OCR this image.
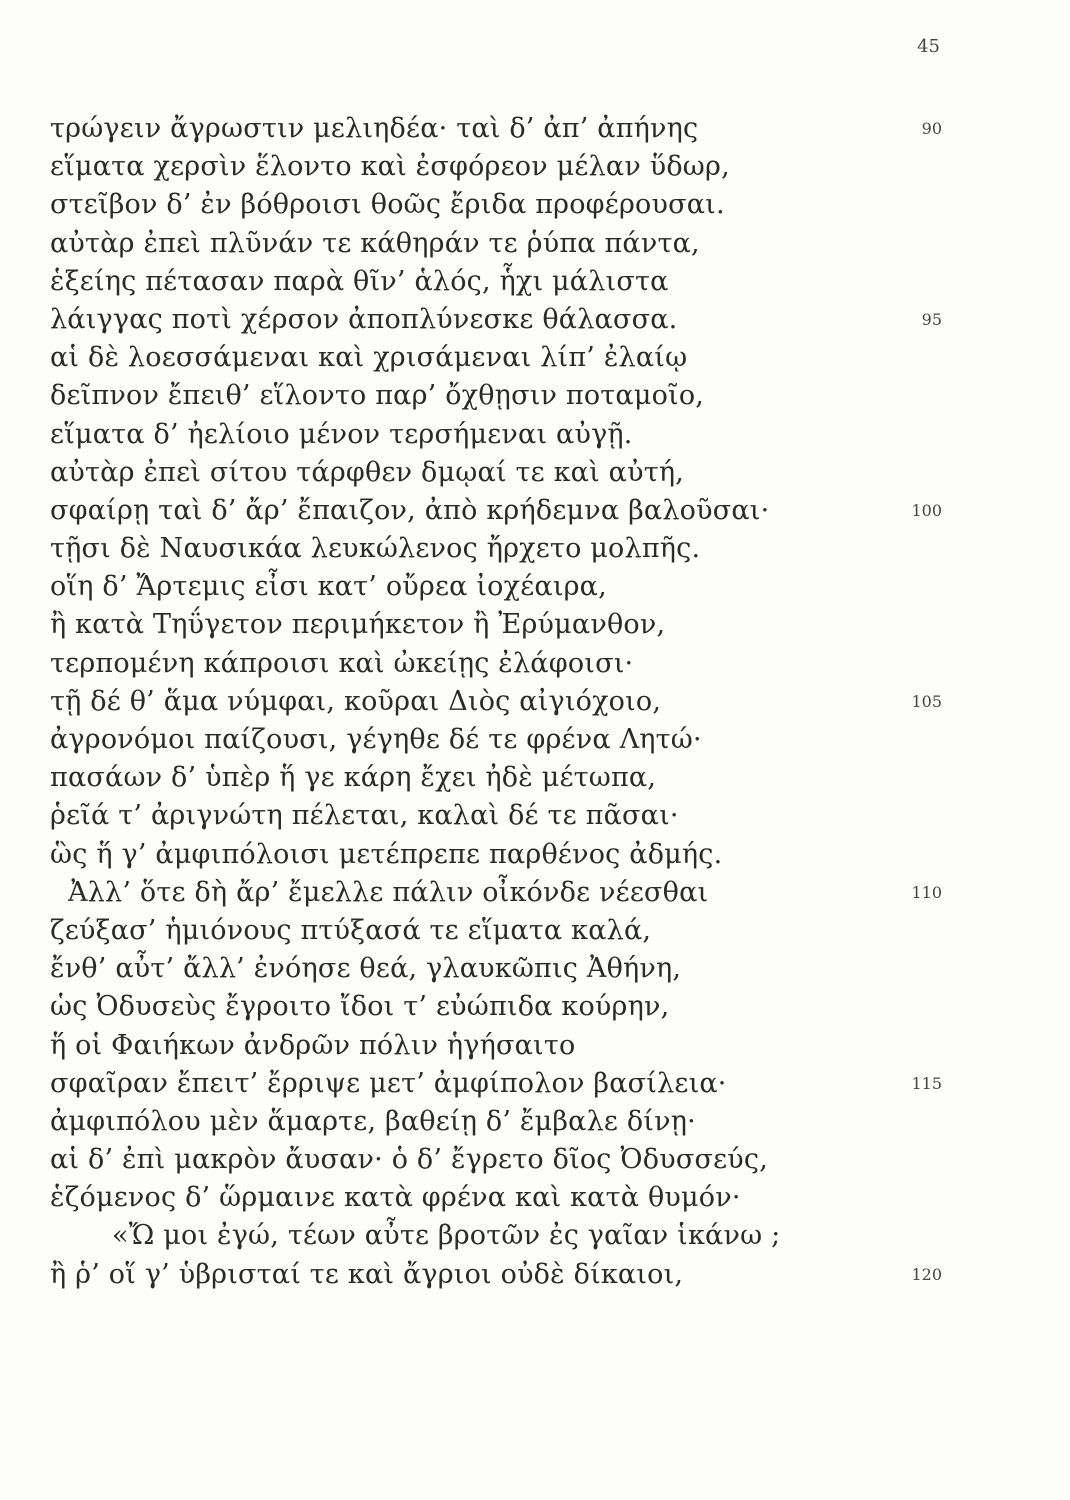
45
τρώγειν ἄγρωστιν μελιηδέα· ταὶ δ’ ἀπ’ ἀπήνης	90
εἵματα χερσὶν ἕλοντο καὶ ἐσφόρεον μέλαν ὕδωρ,
στεῖβον δ’ ἐν βόθροισι θοῶς ἔριδα προφέρουσαι.
αὐτὰρ ἐπεὶ πλῦνάν τε κάθηράν τε ῥύπα πάντα,
ἑξείης πέτασαν παρὰ θῖν’ ἁλός, ἧχι μάλιστα
λάιγγας ποτὶ χέρσον ἀποπλύνεσκε θάλασσα.	95
αἱ δὲ λοεσσάμεναι καὶ χρισάμεναι λίπ’ ἐλαίῳ
δεῖπνον ἔπειθ’ εἵλοντο παρ’ ὄχθῃσιν ποταμοῖο,
εἵματα δ’ ἠελίοιο μένον τερσήμεναι αὐγῇ.
αὐτὰρ ἐπεὶ σίτου τάρφθεν δμῳαί τε καὶ αὐτή,
σφαίρῃ ταὶ δ’ ἄρ’ ἔπαιζον, ἀπὸ κρήδεμνα βαλοῦσαι·	100
τῇσι δὲ Ναυσικάα λευκώλενος ἤρχετο μολπῆς.
οἵη δ’ Ἄρτεμις εἶσι κατ’ οὔρεα ἰοχέαιρα,
ἢ κατὰ Τηΰγετον περιμήκετον ἢ Ἐρύμανθον,
τερπομένη κάπροισι καὶ ὠκείῃς ἐλάφοισι·
τῇ δέ θ’ ἅμα νύμφαι, κοῦραι Διὸς αἰγιόχοιο,	105
ἀγρονόμοι παίζουσι, γέγηθε δέ τε φρένα Λητώ·
πασάων δ’ ὑπὲρ ἥ γε κάρη ἔχει ἠδὲ μέτωπα,
ῥεῖά τ’ ἀριγνώτη πέλεται, καλαὶ δέ τε πᾶσαι·
ὣς ἥ γ’ ἀμφιπόλοισι μετέπρεπε παρθένος ἀδμής.
Ἀλλ’ ὅτε δὴ ἄρ’ ἔμελλε πάλιν οἶκόνδε νέεσθαι	110
ζεύξασ’ ἡμιόνους πτύξασά τε εἵματα καλά,
ἔνθ’ αὖτ’ ἄλλ’ ἐνόησε θεά, γλαυκῶπις Ἀθήνη,
ὡς Ὀδυσεὺς ἔγροιτο ἴδοι τ’ εὐώπιδα κούρην,
ἥ οἱ Φαιήκων ἀνδρῶν πόλιν ἡγήσαιτο
σφαῖραν ἔπειτ’ ἔρριψε μετ’ ἀμφίπολον βασίλεια·	115
ἀμφιπόλου μὲν ἅμαρτε, βαθείῃ δ’ ἔμβαλε δίνῃ·
αἱ δ’ ἐπὶ μακρὸν ἄυσαν· ὁ δ’ ἔγρετο δῖος Ὀδυσσεύς,
ἑζόμενος δ’ ὥρμαινε κατὰ φρένα καὶ κατὰ θυμόν·
«Ὤ μοι ἐγώ, τέων αὖτε βροτῶν ἐς γαῖαν ἱκάνω ;
ἢ ῥ’ οἵ γ’ ὑβρισταί τε καὶ ἄγριοι οὐδὲ δίκαιοι,	120
